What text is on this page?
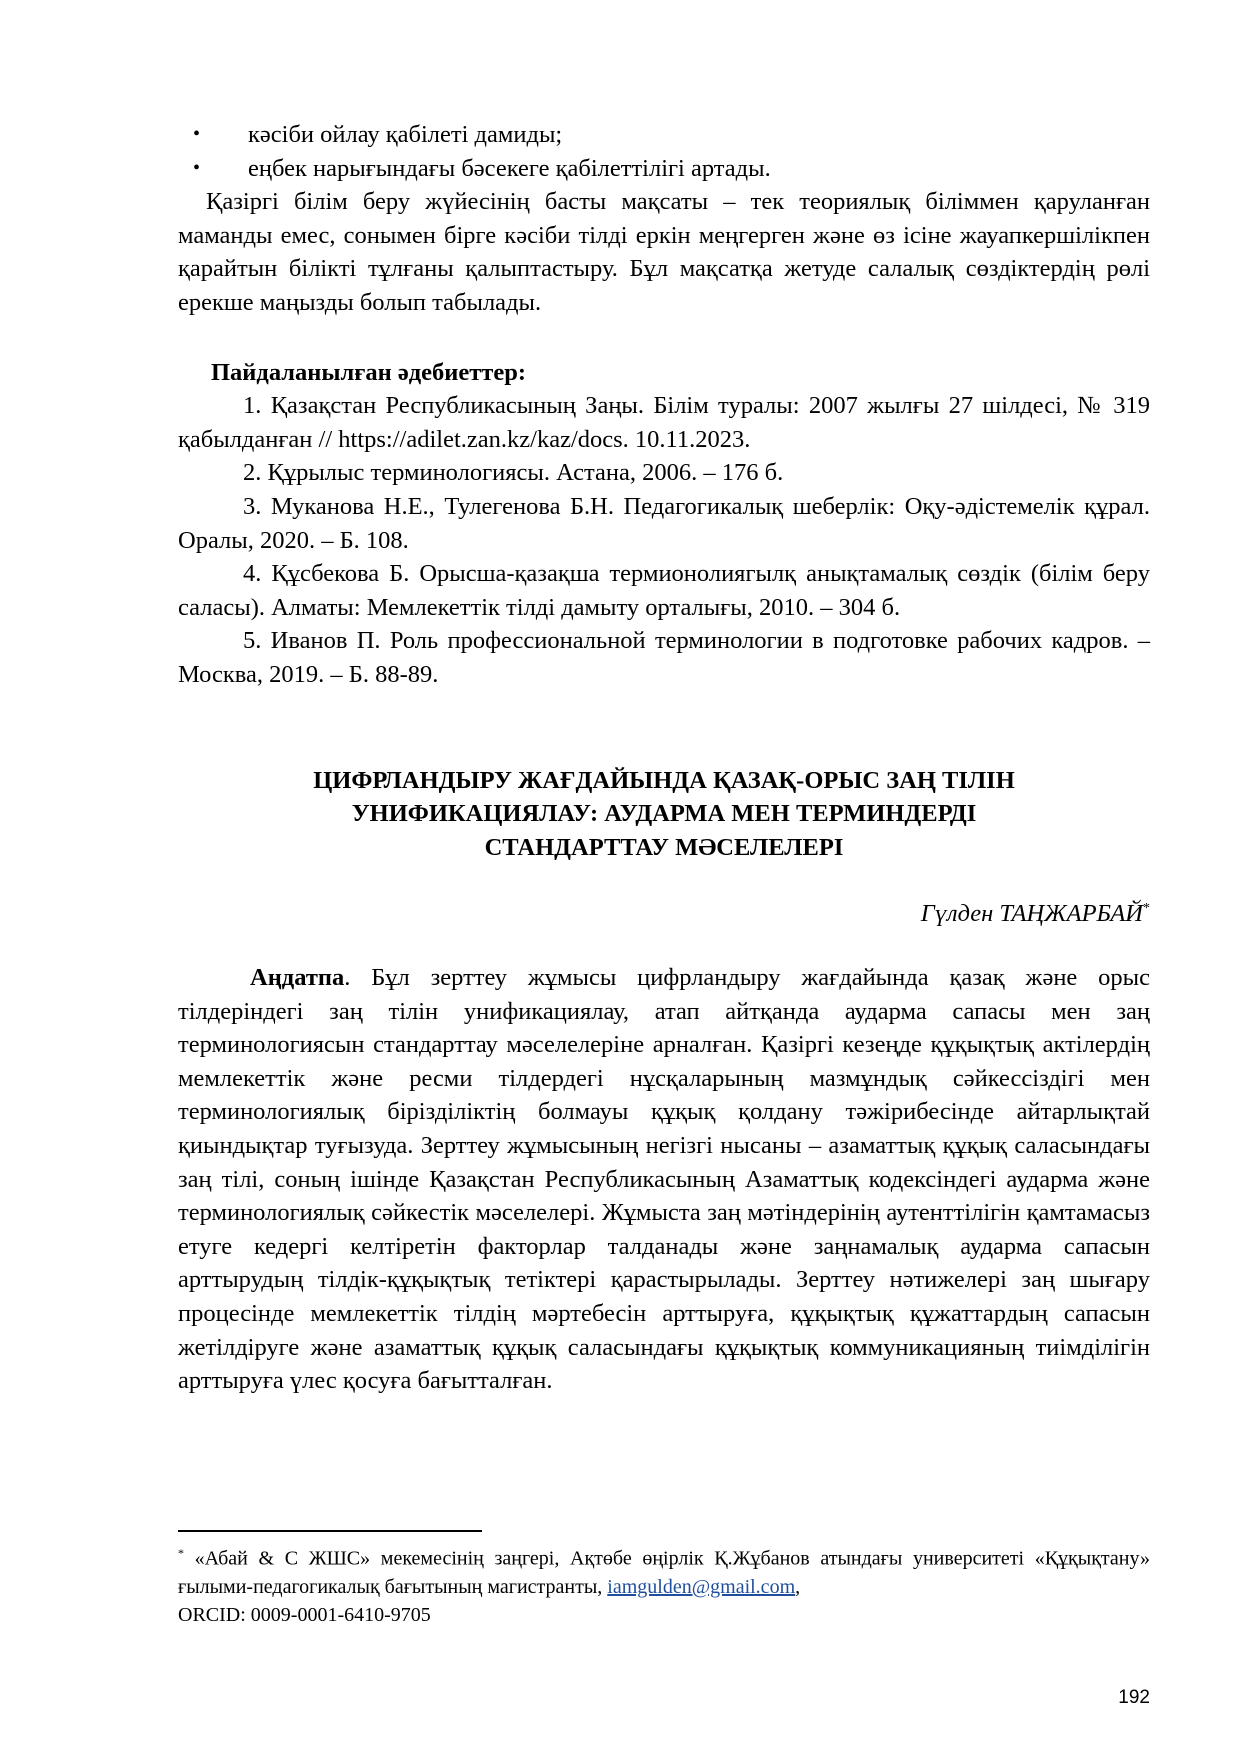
• кәсіби ойлау қабілеті дамиды;
• еңбек нарығындағы бәсекеге қабілеттілігі артады.

Қазіргі білім беру жүйесінің басты мақсаты – тек теориялық біліммен қаруланған маманды емес, сонымен бірге кәсіби тілді еркін меңгерген және өз ісіне жауапкершілікпен қарайтын білікті тұлғаны қалыптастыру. Бұл мақсатқа жетуде салалық сөздіктердің рөлі ерекше маңызды болып табылады.

Пайдаланылған әдебиеттер:

1. Қазақстан Республикасының Заңы. Білім туралы: 2007 жылғы 27 шілдесі, № 319 қабылданған // https://adilet.zan.kz/kaz/docs. 10.11.2023.

2. Құрылыс терминологиясы. Астана, 2006. – 176 б.

3. Муканова Н.Е., Тулегенова Б.Н. Педагогикалық шеберлік: Оқу-әдістемелік құрал. Оралы, 2020. – Б. 108.

4. Құсбекова Б. Орысша-қазақша термионолиягылқ анықтамалық сөздік (білім беру саласы). Алматы: Мемлекеттік тілді дамыту орталығы, 2010. – 304 б.

5. Иванов П. Роль профессиональной терминологии в подготовке рабочих кадров. – Москва, 2019. – Б. 88-89.

ЦИФРЛАНДЫРУ ЖАҒДАЙЫНДА ҚАЗАҚ-ОРЫС ЗАҢ ТІЛІН
УНИФИКАЦИЯЛАУ: АУДАРМА МЕН ТЕРМИНДЕРДІ
СТАНДАРТТАУ МӘСЕЛЕЛЕРІ

Гүлден ТАҢЖАРБАЙ*

Аңдатпа. Бұл зерттеу жұмысы цифрландыру жағдайында қазақ және орыс тілдеріндегі заң тілін унификациялау, атап айтқанда аударма сапасы мен заң терминологиясын стандарттау мәселелеріне арналған. Қазіргі кезеңде құқықтық актілердің мемлекеттік және ресми тілдердегі нұсқаларының мазмұндық сәйкессіздігі мен терминологиялық бірізділіктің болмауы құқық қолдану тәжірибесінде айтарлықтай қиындықтар туғызуда. Зерттеу жұмысының негізгі нысаны – азаматтық құқық саласындағы заң тілі, соның ішінде Қазақстан Республикасының Азаматтық кодексіндегі аударма және терминологиялық сәйкестік мәселелері. Жұмыста заң мәтіндерінің аутенттілігін қамтамасыз етуге кедергі келтіретін факторлар талданады және заңнамалық аударма сапасын арттырудың тілдік-құқықтық тетіктері қарастырылады. Зерттеу нәтижелері заң шығару процесінде мемлекеттік тілдің мәртебесін арттыруға, құқықтық құжаттардың сапасын жетілдіруге және азаматтық құқық саласындағы құқықтық коммуникацияның тиімділігін арттыруға үлес қосуға бағытталған.

* «Абай & С ЖШС» мекемесінің заңгері, Ақтөбе өңірлік Қ.Жұбанов атындағы университеті «Құқықтану» ғылыми-педагогикалық бағытының магистранты, iamgulden@gmail.com,
ORCID: 0009-0001-6410-9705
192
